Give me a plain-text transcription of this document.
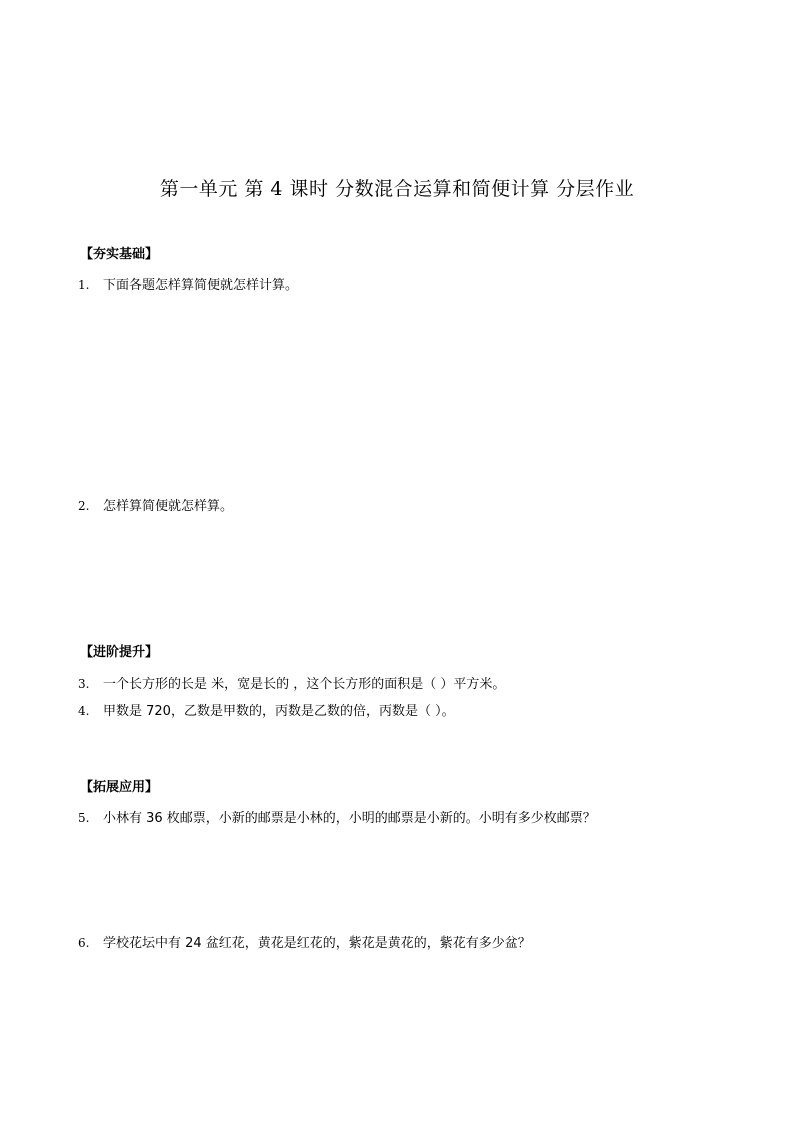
第一单元 第 4 课时 分数混合运算和简便计算 分层作业
【夯实基础】
1. 下面各题怎样算简便就怎样计算。
2. 怎样算简便就怎样算。
【进阶提升】
3. 一个长方形的长是 米，宽是长的 ，这个长方形的面积是（ ）平方米。
4. 甲数是 720，乙数是甲数的，丙数是乙数的倍，丙数是（ ）。
【拓展应用】
5. 小林有 36 枚邮票，小新的邮票是小林的，小明的邮票是小新的。小明有多少枚邮票？
6. 学校花坛中有 24 盆红花，黄花是红花的，紫花是黄花的，紫花有多少盆？
